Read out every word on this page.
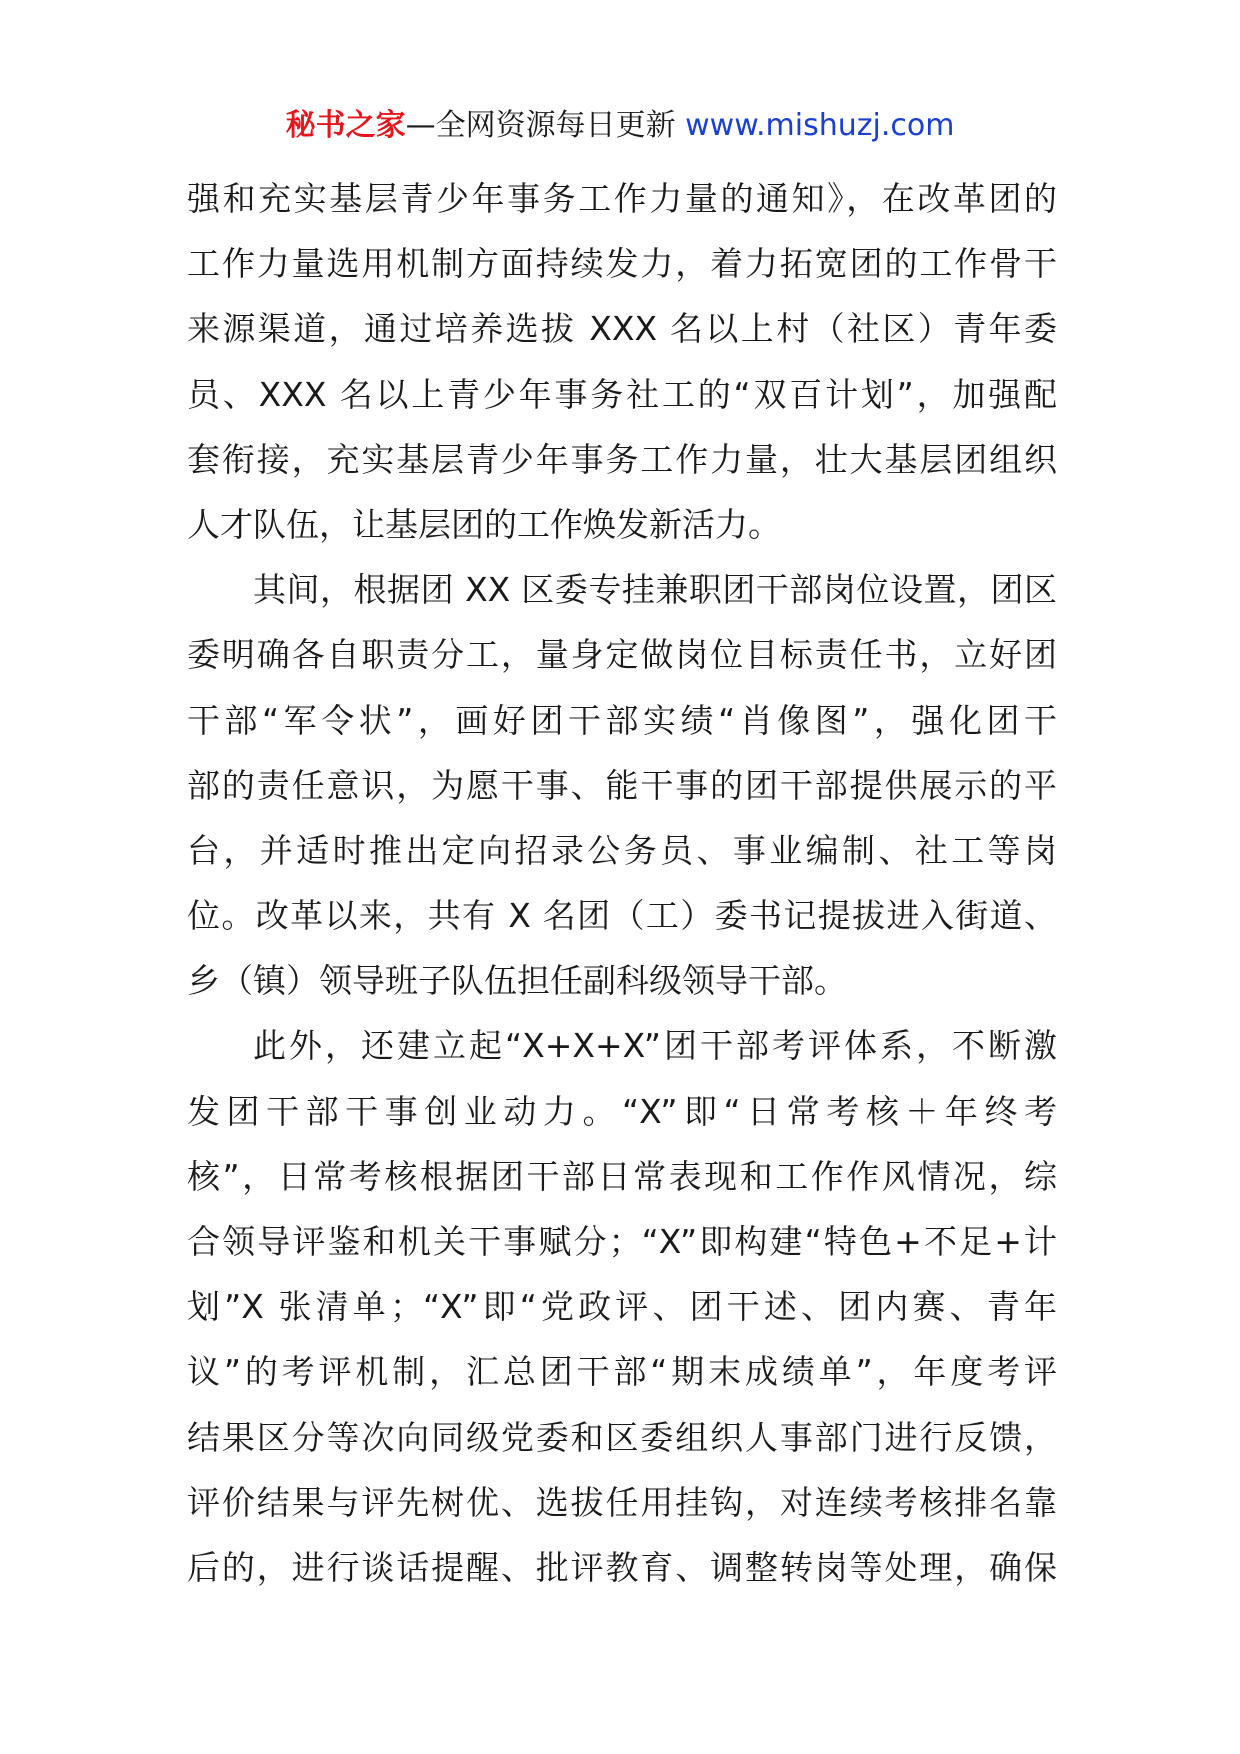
秘书之家—全网资源每日更新 www.mishuzj.com
强和充实基层青少年事务工作力量的通知》，在改革团的
工作力量选用机制方面持续发力，着力拓宽团的工作骨干
来源渠道，通过培养选拔 XXX 名以上村（社区）青年委
员、XXX 名以上青少年事务社工的“双百计划”，加强配
套衔接，充实基层青少年事务工作力量，壮大基层团组织
人才队伍，让基层团的工作焕发新活力。
其间，根据团 XX 区委专挂兼职团干部岗位设置，团区
委明确各自职责分工，量身定做岗位目标责任书，立好团
干部“军令状”，画好团干部实绩“肖像图”，强化团干
部的责任意识，为愿干事、能干事的团干部提供展示的平
台，并适时推出定向招录公务员、事业编制、社工等岗
位。改革以来，共有 X 名团（工）委书记提拔进入街道、
乡（镇）领导班子队伍担任副科级领导干部。
此外，还建立起“X+X+X”团干部考评体系，不断激
发团干部干事创业动力。“X”即“日常考核＋年终考
核”，日常考核根据团干部日常表现和工作作风情况，综
合领导评鉴和机关干事赋分；“X”即构建“特色+不足+计
划”X 张清单；“X”即“党政评、团干述、团内赛、青年
议”的考评机制，汇总团干部“期末成绩单”，年度考评
结果区分等次向同级党委和区委组织人事部门进行反馈，
评价结果与评先树优、选拔任用挂钩，对连续考核排名靠
后的，进行谈话提醒、批评教育、调整转岗等处理，确保
